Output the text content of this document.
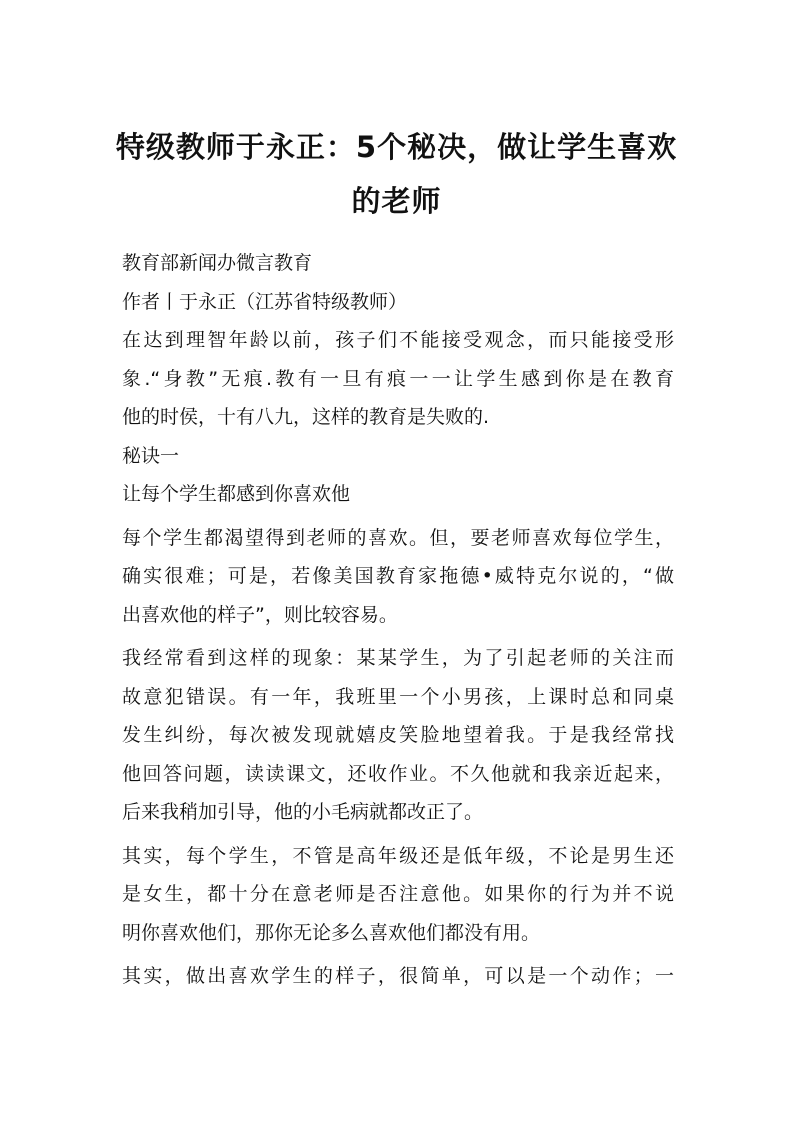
特级教师于永正：5个秘决，做让学生喜欢
的老师
教育部新闻办微言教育
作者丨于永正（江苏省特级教师）
在达到理智年龄以前，孩子们不能接受观念，而只能接受形
象.“身教”无痕.教有一旦有痕一一让学生感到你是在教育
他的时侯，十有八九，这样的教育是失败的.
秘诀一
让每个学生都感到你喜欢他
每个学生都渴望得到老师的喜欢。但，要老师喜欢每位学生，
确实很难；可是，若像美国教育家拖德•威特克尔说的，“做
出喜欢他的样子”，则比较容易。
我经常看到这样的现象：某某学生，为了引起老师的关注而
故意犯错误。有一年，我班里一个小男孩，上课时总和同桌
发生纠纷，每次被发现就嬉皮笑脸地望着我。于是我经常找
他回答问题，读读课文，还收作业。不久他就和我亲近起来，
后来我稍加引导，他的小毛病就都改正了。
其实，每个学生，不管是高年级还是低年级，不论是男生还
是女生，都十分在意老师是否注意他。如果你的行为并不说
明你喜欢他们，那你无论多么喜欢他们都没有用。
其实，做出喜欢学生的样子，很简单，可以是一个动作；一
